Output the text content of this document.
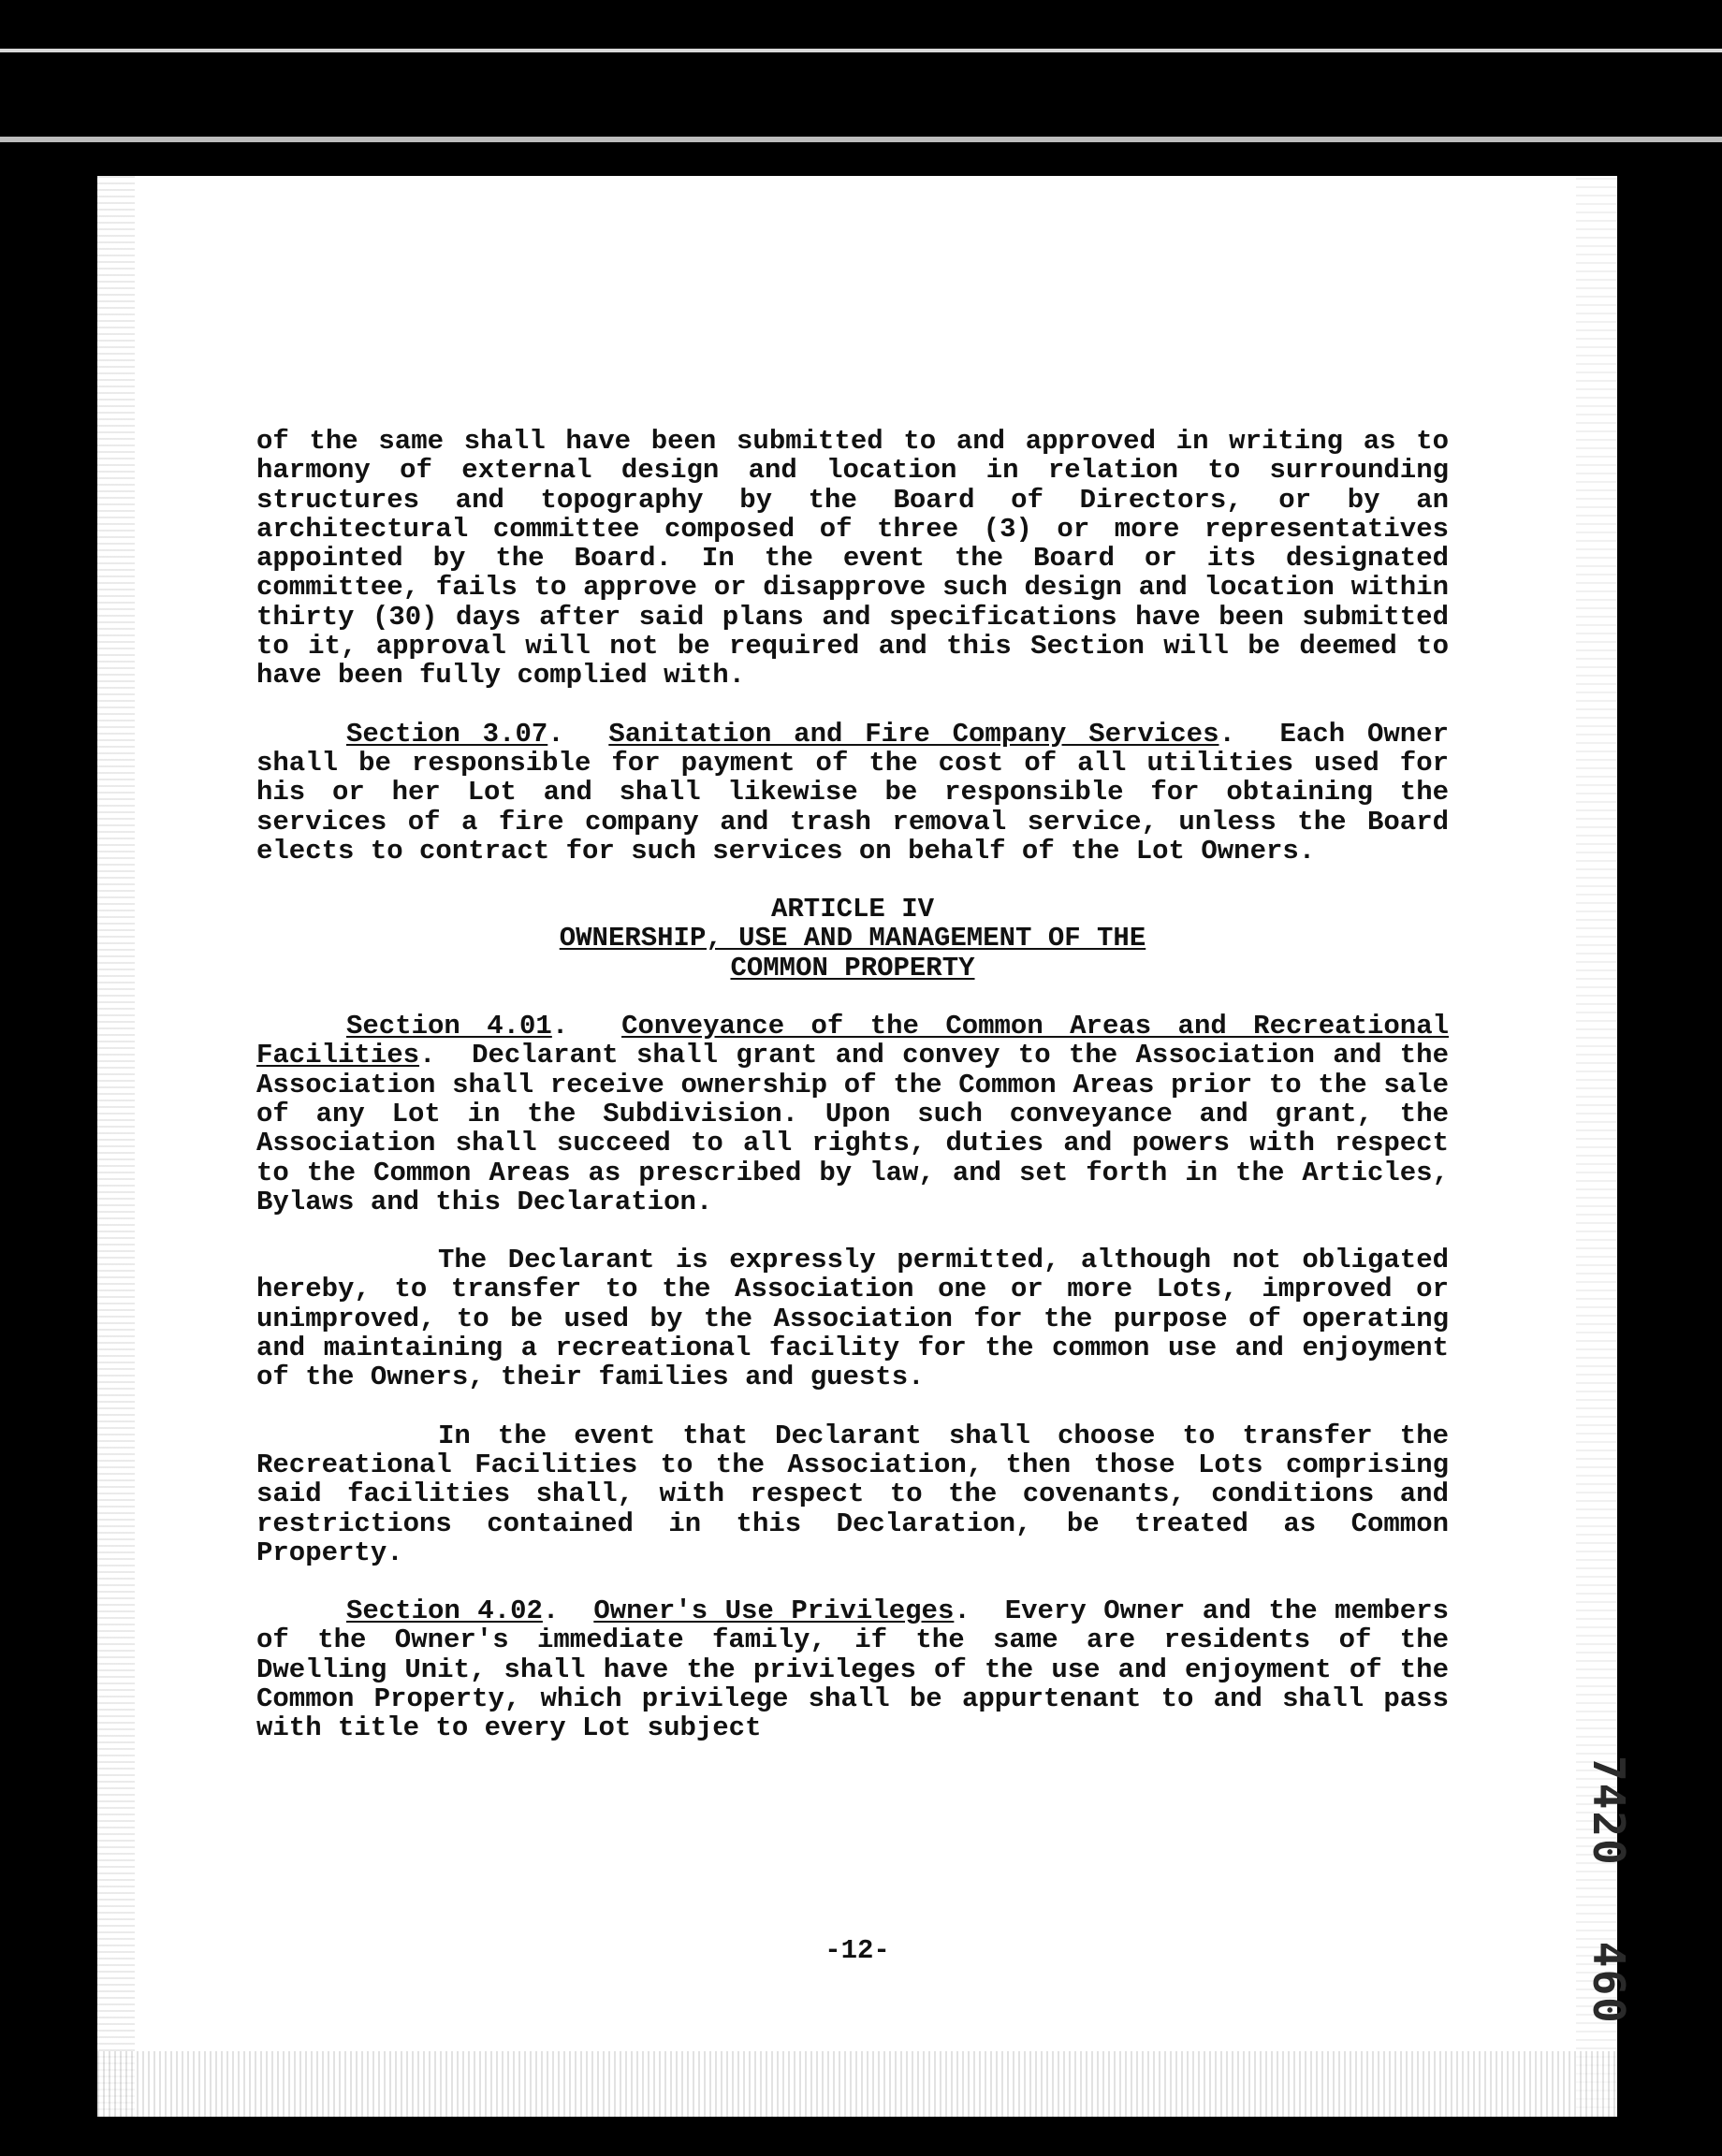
of the same shall have been submitted to and approved in writing as to harmony of external design and location in relation to surrounding structures and topography by the Board of Directors, or by an architectural committee composed of three (3) or more representatives appointed by the Board. In the event the Board or its designated committee, fails to approve or disapprove such design and location within thirty (30) days after said plans and specifications have been submitted to it, approval will not be required and this Section will be deemed to have been fully complied with.

Section 3.07.  Sanitation and Fire Company Services.  Each Owner shall be responsible for payment of the cost of all utilities used for his or her Lot and shall likewise be responsible for obtaining the services of a fire company and trash removal service, unless the Board elects to contract for such services on behalf of the Lot Owners.

ARTICLE IV
OWNERSHIP, USE AND MANAGEMENT OF THE
COMMON PROPERTY

Section 4.01.  Conveyance of the Common Areas and Recreational Facilities.  Declarant shall grant and convey to the Association and the Association shall receive ownership of the Common Areas prior to the sale of any Lot in the Subdivision. Upon such conveyance and grant, the Association shall succeed to all rights, duties and powers with respect to the Common Areas as prescribed by law, and set forth in the Articles, Bylaws and this Declaration.

The Declarant is expressly permitted, although not obligated hereby, to transfer to the Association one or more Lots, improved or unimproved, to be used by the Association for the purpose of operating and maintaining a recreational facility for the common use and enjoyment of the Owners, their families and guests.

In the event that Declarant shall choose to transfer the Recreational Facilities to the Association, then those Lots comprising said facilities shall, with respect to the covenants, conditions and restrictions contained in this Declaration, be treated as Common Property.

Section 4.02.  Owner's Use Privileges.  Every Owner and the members of the Owner's immediate family, if the same are residents of the Dwelling Unit, shall have the privileges of the use and enjoyment of the Common Property, which privilege shall be appurtenant to and shall pass with title to every Lot subject

-12-
7420460
